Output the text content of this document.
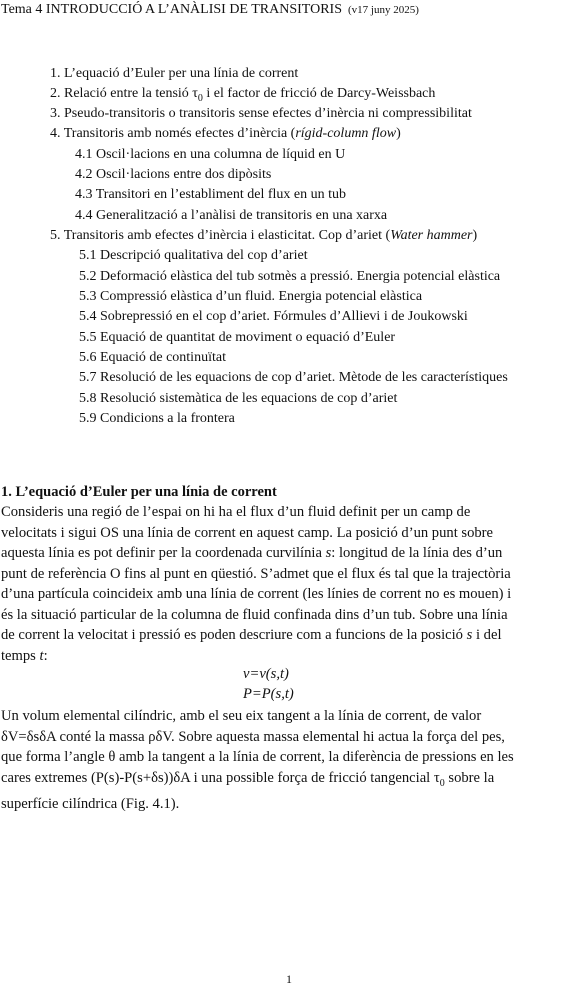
Tema 4 INTRODUCCIÓ A L’ANÀLISI DE TRANSITORIS (v17 juny 2025)
1. L’equació d’Euler per una línia de corrent
2. Relació entre la tensió $\tau_0$ i el factor de fricció de Darcy-Weissbach
3. Pseudo-transitoris o transitoris sense efectes d’inèrcia ni compressibilitat
4. Transitoris amb només efectes d’inèrcia (rígid-column flow)
4.1 Oscil·lacions en una columna de líquid en U
4.2 Oscil·lacions entre dos dipòsits
4.3 Transitori en l’establiment del flux en un tub
4.4 Generalització a l’anàlisi de transitoris en una xarxa
5. Transitoris amb efectes d’inèrcia i elasticitat. Cop d’ariet (Water hammer)
5.1 Descripció qualitativa del cop d’ariet
5.2 Deformació elàstica del tub sotmès a pressió. Energia potencial elàstica
5.3 Compressió elàstica d’un fluid. Energia potencial elàstica
5.4 Sobrepressió en el cop d’ariet. Fórmules d’Allievi i de Joukowski
5.5 Equació de quantitat de moviment o equació d’Euler
5.6 Equació de continuïtat
5.7 Resolució de les equacions de cop d’ariet. Mètode de les característiques
5.8 Resolució sistemàtica de les equacions de cop d’ariet
5.9 Condicions a la frontera
1. L’equació d’Euler per una línia de corrent
Consideris una regió de l’espai on hi ha el flux d’un fluid definit per un camp de
velocitats i sigui OS una línia de corrent en aquest camp. La posició d’un punt sobre
aquesta línia es pot definir per la coordenada curvilínia s: longitud de la línia des d’un
punt de referència O fins al punt en qüestió. S’admet que el flux és tal que la trajectòria
d’una partícula coincideix amb una línia de corrent (les línies de corrent no es mouen) i
és la situació particular de la columna de fluid confinada dins d’un tub. Sobre una línia
de corrent la velocitat i pressió es poden descriure com a funcions de la posició s i del
temps t:
v=v(s,t)
P=P(s,t)
Un volum elemental cilíndric, amb el seu eix tangent a la línia de corrent, de valor
δV=δsδA conté la massa ρδV. Sobre aquesta massa elemental hi actua la força del pes,
que forma l’angle θ amb la tangent a la línia de corrent, la diferència de pressions en les
cares extremes (P(s)-P(s+δs))δA i una possible força de fricció tangencial $\tau_0$ sobre la
superfície cilíndrica (Fig. 4.1).
1
